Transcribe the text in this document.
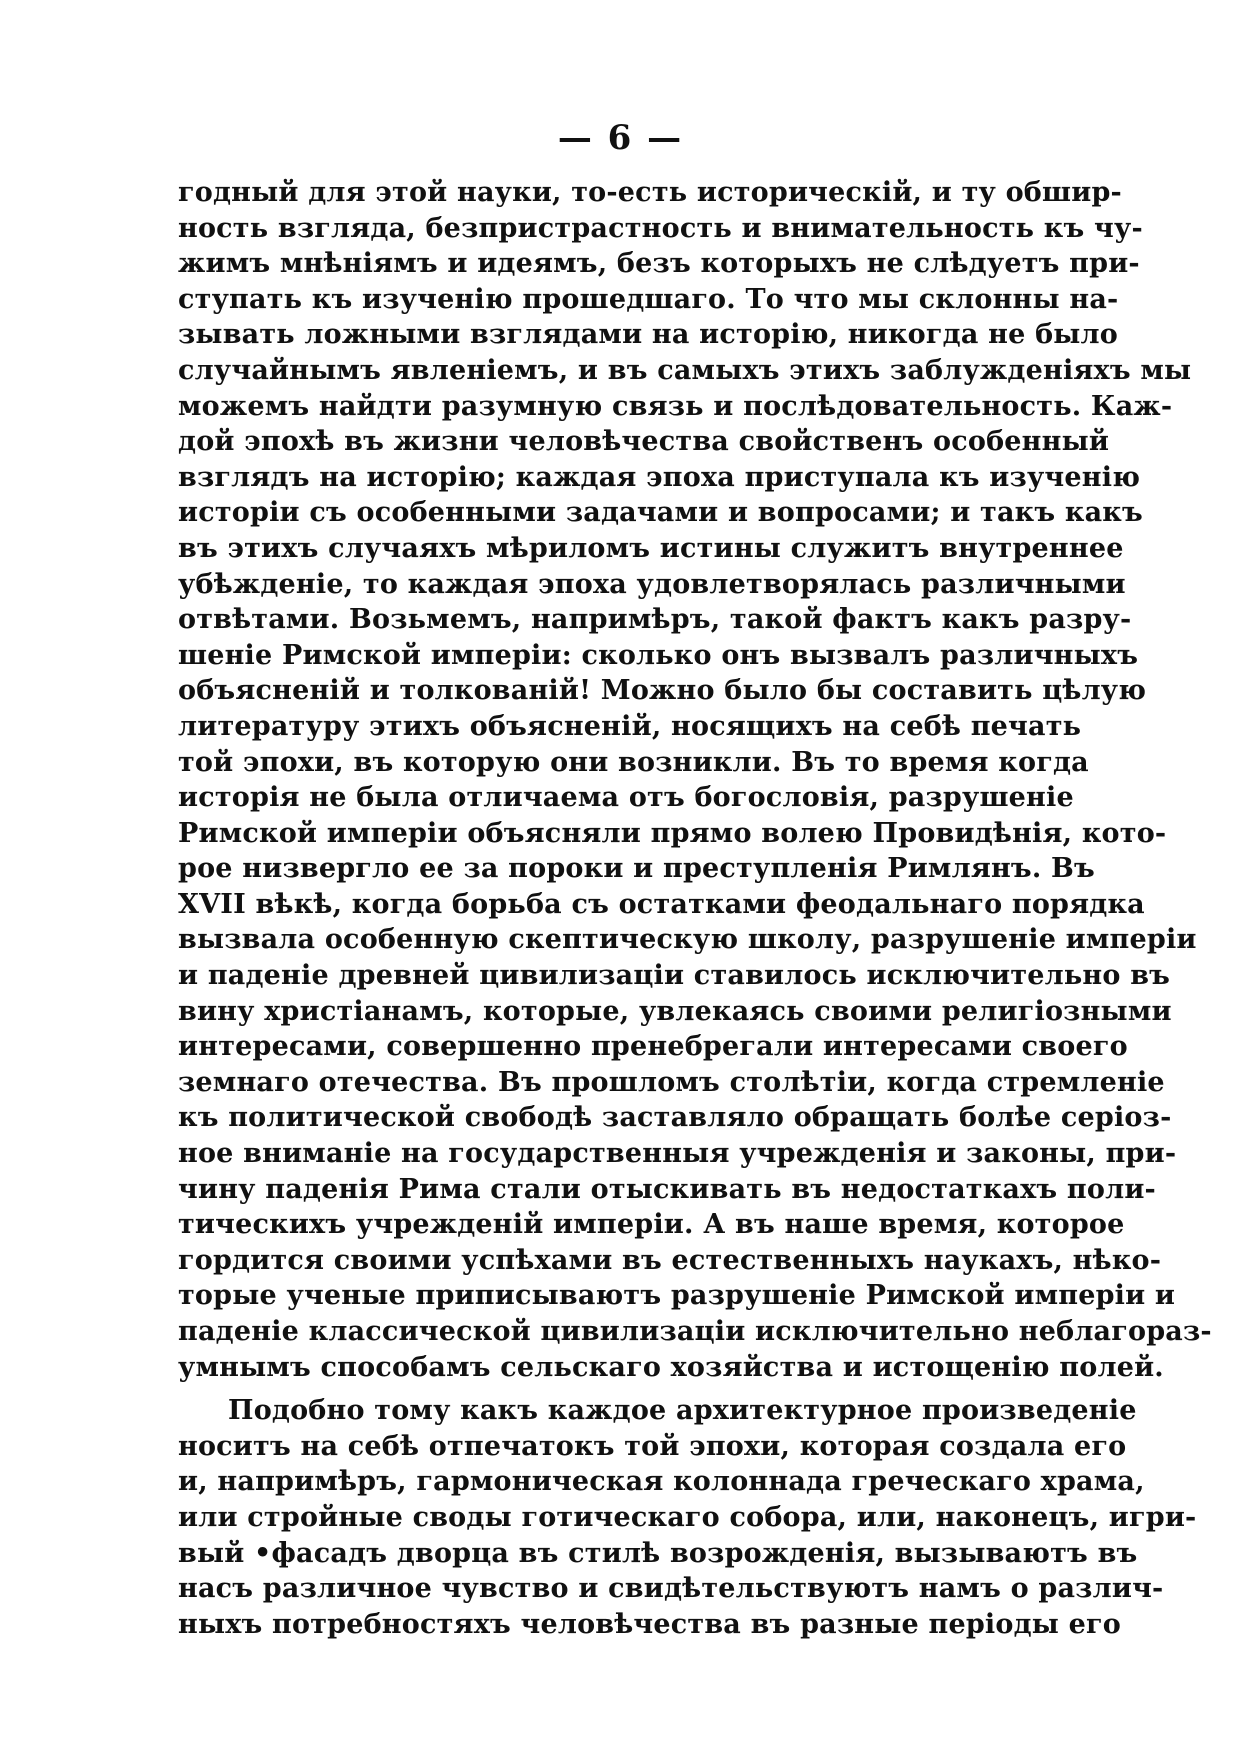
— 6 —
годный для этой науки, то-есть историческій, и ту обшир-
ность взгляда, безпристрастность и внимательность къ чу-
жимъ мнѣніямъ и идеямъ, безъ которыхъ не слѣдуетъ при-
ступать къ изученію прошедшаго. То что мы склонны на-
зывать ложными взглядами на исторію, никогда не было
случайнымъ явленіемъ, и въ самыхъ этихъ заблужденіяхъ мы
можемъ найдти разумную связь и послѣдовательность. Каж-
дой эпохѣ въ жизни человѣчества свойственъ особенный
взглядъ на исторію; каждая эпоха приступала къ изученію
исторіи съ особенными задачами и вопросами; и такъ какъ
въ этихъ случаяхъ мѣриломъ истины служитъ внутреннее
убѣжденіе, то каждая эпоха удовлетворялась различными
отвѣтами. Возьмемъ, напримѣръ, такой фактъ какъ разру-
шеніе Римской имперіи: сколько онъ вызвалъ различныхъ
объясненій и толкованій! Можно было бы составить цѣлую
литературу этихъ объясненій, носящихъ на себѣ печать
той эпохи, въ которую они возникли. Въ то время когда
исторія не была отличаема отъ богословія, разрушеніе
Римской имперіи объясняли прямо волею Провидѣнія, кото-
рое низвергло ее за пороки и преступленія Римлянъ. Въ
XVII вѣкѣ, когда борьба съ остатками феодальнаго порядка
вызвала особенную скептическую школу, разрушеніе имперіи
и паденіе древней цивилизаціи ставилось исключительно въ
вину христіанамъ, которые, увлекаясь своими религіозными
интересами, совершенно пренебрегали интересами своего
земнаго отечества. Въ прошломъ столѣтіи, когда стремленіе
къ политической свободѣ заставляло обращать болѣе серіоз-
ное вниманіе на государственныя учрежденія и законы, при-
чину паденія Рима стали отыскивать въ недостаткахъ поли-
тическихъ учрежденій имперіи. А въ наше время, которое
гордится своими успѣхами въ естественныхъ наукахъ, нѣко-
торые ученые приписываютъ разрушеніе Римской имперіи и
паденіе классической цивилизаціи исключительно неблагораз-
умнымъ способамъ сельскаго хозяйства и истощенію полей.
Подобно тому какъ каждое архитектурное произведеніе
носитъ на себѣ отпечатокъ той эпохи, которая создала его
и, напримѣръ, гармоническая колоннада греческаго храма,
или стройные своды готическаго собора, или, наконецъ, игри-
вый •фасадъ дворца въ стилѣ возрожденія, вызываютъ въ
насъ различное чувство и свидѣтельствуютъ намъ о различ-
ныхъ потребностяхъ человѣчества въ разные періоды его
